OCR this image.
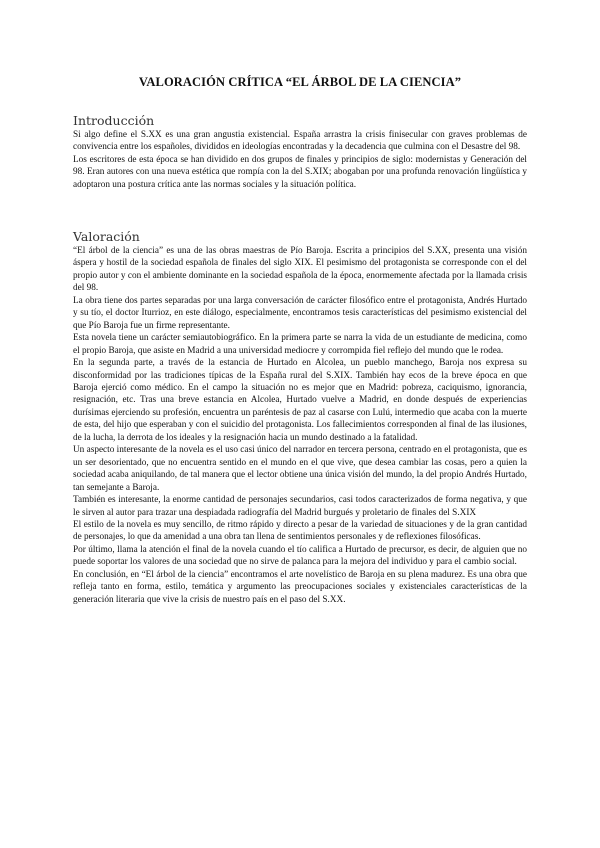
VALORACIÓN CRÍTICA “EL ÁRBOL DE LA CIENCIA”
Introducción

Si algo define el S.XX es una gran angustia existencial. España arrastra la crisis finisecular con graves problemas de convivencia entre los españoles, divididos en ideologías encontradas y la decadencia que culmina con el Desastre del 98.

Los escritores de esta época se han dividido en dos grupos de finales y principios de siglo: modernistas y Generación del 98. Eran autores con una nueva estética que rompía con la del S.XIX; abogaban por una profunda renovación lingüística y adoptaron una postura crítica ante las normas sociales y la situación política.

Valoración

“El árbol de la ciencia” es una de las obras maestras de Pío Baroja. Escrita a principios del S.XX, presenta una visión áspera y hostil de la sociedad española de finales del siglo XIX. El pesimismo del protagonista se corresponde con el del propio autor y con el ambiente dominante en la sociedad española de la época, enormemente afectada por la llamada crisis del 98.

La obra tiene dos partes separadas por una larga conversación de carácter filosófico entre el protagonista, Andrés Hurtado y su tío, el doctor Iturrioz, en este diálogo, especialmente, encontramos tesis características del pesimismo existencial del que Pío Baroja fue un firme representante.

Esta novela tiene un carácter semiautobiográfico. En la primera parte se narra la vida de un estudiante de medicina, como el propio Baroja, que asiste en Madrid a una universidad mediocre y corrompida fiel reflejo del mundo que le rodea.

En la segunda parte, a través de la estancia de Hurtado en Alcolea, un pueblo manchego, Baroja nos expresa su disconformidad por las tradiciones típicas de la España rural del S.XIX. También hay ecos de la breve época en que Baroja ejerció como médico. En el campo la situación no es mejor que en Madrid: pobreza, caciquismo, ignorancia, resignación, etc. Tras una breve estancia en Alcolea, Hurtado vuelve a Madrid, en donde después de experiencias durísimas ejerciendo su profesión, encuentra un paréntesis de paz al casarse con Lulú, intermedio que acaba con la muerte de esta, del hijo que esperaban y con el suicidio del protagonista. Los fallecimientos corresponden al final de las ilusiones, de la lucha, la derrota de los ideales y la resignación hacia un mundo destinado a la fatalidad.

Un aspecto interesante de la novela es el uso casi único del narrador en tercera persona, centrado en el protagonista, que es un ser desorientado, que no encuentra sentido en el mundo en el que vive, que desea cambiar las cosas, pero a quien la sociedad acaba aniquilando, de tal manera que el lector obtiene una única visión del mundo, la del propio Andrés Hurtado, tan semejante a Baroja.

También es interesante, la enorme cantidad de personajes secundarios, casi todos caracterizados de forma negativa, y que le sirven al autor para trazar una despiadada radiografía del Madrid burgués y proletario de finales del S.XIX

El estilo de la novela es muy sencillo, de ritmo rápido y directo a pesar de la variedad de situaciones y de la gran cantidad de personajes, lo que da amenidad a una obra tan llena de sentimientos personales y de reflexiones filosóficas.

Por último, llama la atención el final de la novela cuando el tío califica a Hurtado de precursor, es decir, de alguien que no puede soportar los valores de una sociedad que no sirve de palanca para la mejora del individuo y para el cambio social.

En conclusión, en “El árbol de la ciencia” encontramos el arte novelístico de Baroja en su plena madurez. Es una obra que refleja tanto en forma, estilo, temática y argumento las preocupaciones sociales y existenciales características de la generación literaria que vive la crisis de nuestro país en el paso del S.XX.
